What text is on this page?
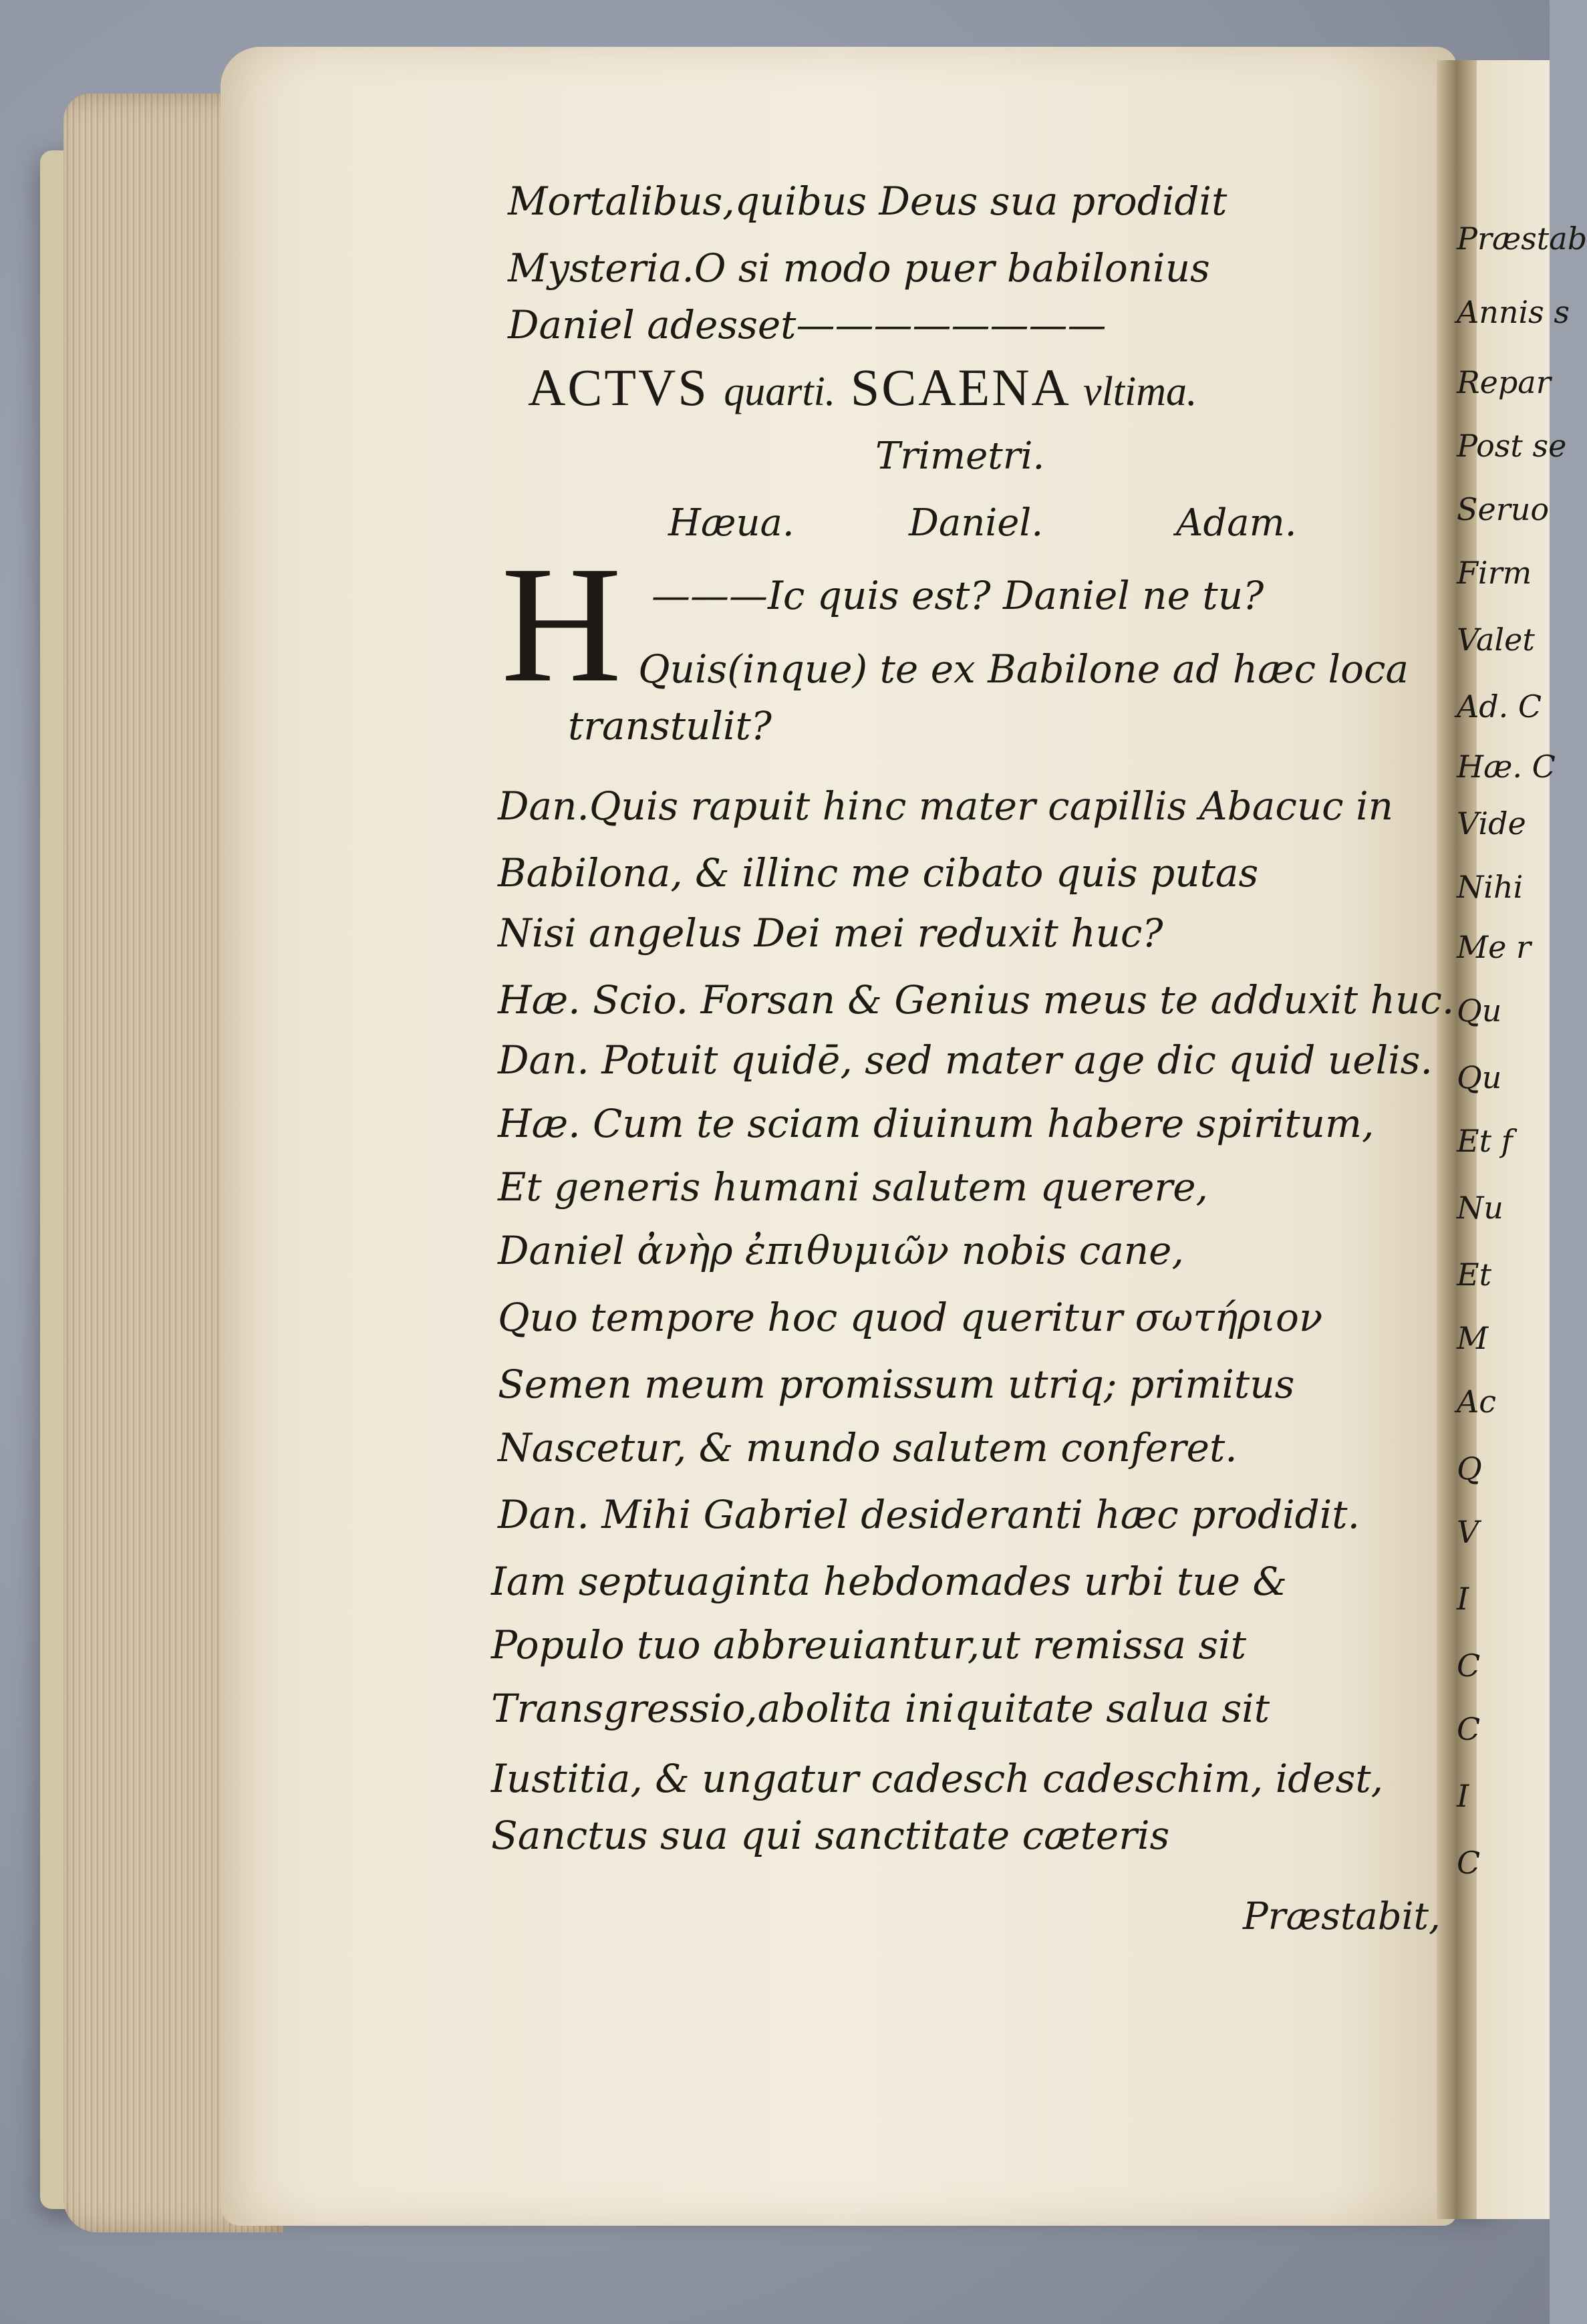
Mortalibus,quibus Deus sua prodidit
Mysteria.O si modo puer babilonius
Daniel adesset————————
ACTVS quarti. SCAENA vltima.
Trimetri.
Hæua.	Daniel.	Adam.
H ———Ic quis est? Daniel ne tu?
Quis(inque) te ex Babilone ad hæc loca
transtulit?
Dan.Quis rapuit hinc mater capillis Abacuc in
Babilona, & illinc me cibato quis putas
Nisi angelus Dei mei reduxit huc?
Hæ. Scio. Forsan & Genius meus te adduxit huc.
Dan. Potuit quidē, sed mater age dic quid uelis.
Hæ. Cum te sciam diuinum habere spiritum,
Et generis humani salutem querere,
Daniel ἀνὴρ ἐπιθυμιῶν nobis cane,
Quo tempore hoc quod queritur σωτήριον
Semen meum promissum utriq; primitus
Nascetur, & mundo salutem conferet.
Dan. Mihi Gabriel desideranti hæc prodidit.
Iam septuaginta hebdomades urbi tue &
Populo tuo abbreuiantur,ut remissa sit
Transgressio,abolita iniquitate salua sit
Iustitia, & ungatur cadesch cadeschim, idest,
Sanctus sua qui sanctitate cæteris
Præstabit,
Præstab
Annis s
Repar
Post se
Seruo
Firm
Valet
Ad. C
Hæ. C
Vide
Nihi
Me r
Qu
Qu
Et f
Nu
Et
M
Ac
Q
V
I
C
C
I
C
